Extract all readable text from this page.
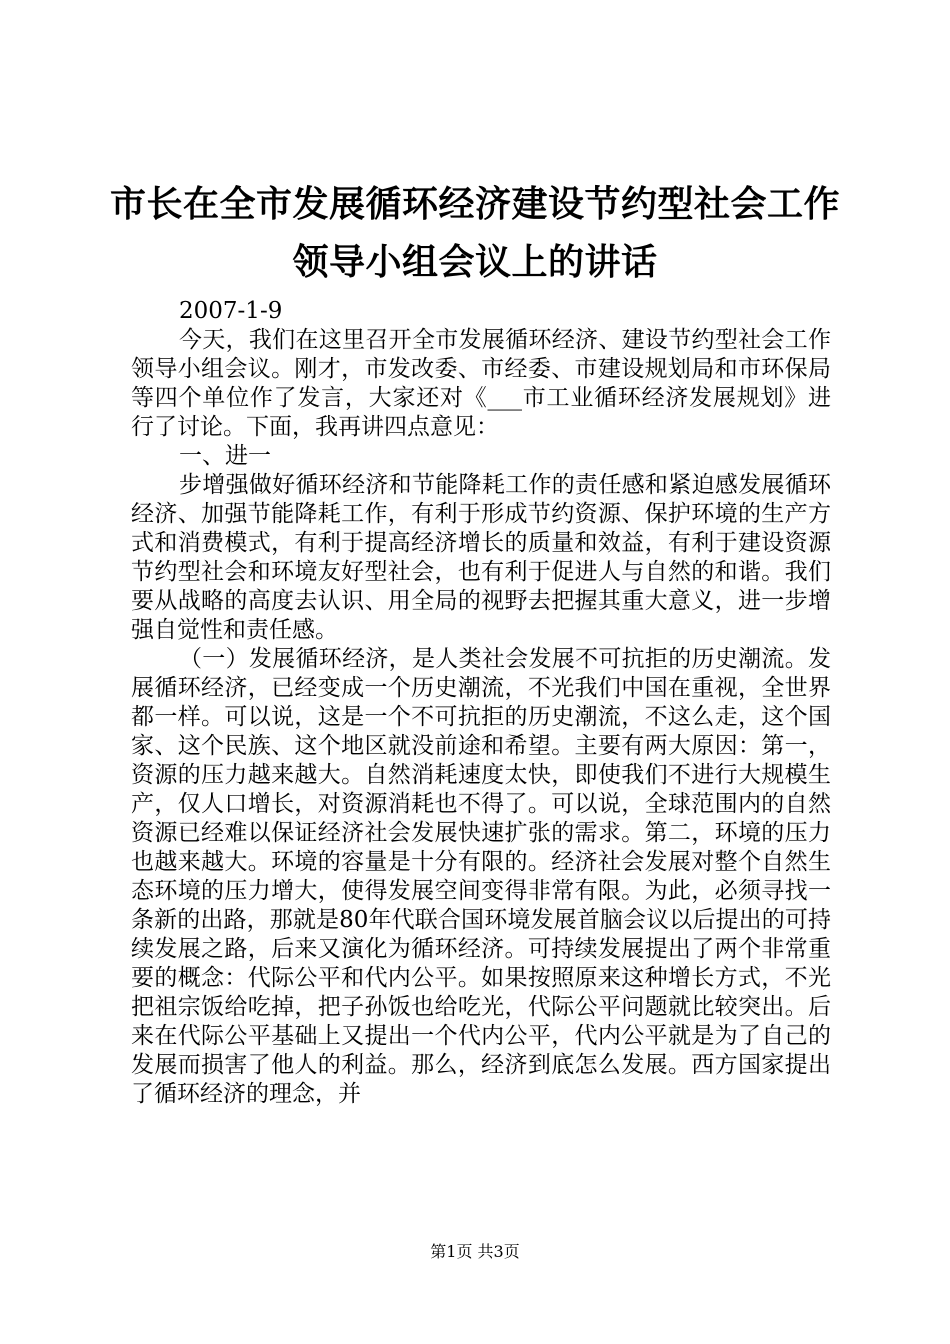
市长在全市发展循环经济建设节约型社会工作
领导小组会议上的讲话

2007-1-9

今天，我们在这里召开全市发展循环经济、建设节约型社会工作领导小组会议。刚才，市发改委、市经委、市建设规划局和市环保局等四个单位作了发言，大家还对《___市工业循环经济发展规划》进行了讨论。下面，我再讲四点意见：

一、进一

步增强做好循环经济和节能降耗工作的责任感和紧迫感发展循环经济、加强节能降耗工作，有利于形成节约资源、保护环境的生产方式和消费模式，有利于提高经济增长的质量和效益，有利于建设资源节约型社会和环境友好型社会，也有利于促进人与自然的和谐。我们要从战略的高度去认识、用全局的视野去把握其重大意义，进一步增强自觉性和责任感。

（一）发展循环经济，是人类社会发展不可抗拒的历史潮流。发展循环经济，已经变成一个历史潮流，不光我们中国在重视，全世界都一样。可以说，这是一个不可抗拒的历史潮流，不这么走，这个国家、这个民族、这个地区就没前途和希望。主要有两大原因：第一，资源的压力越来越大。自然消耗速度太快，即使我们不进行大规模生产，仅人口增长，对资源消耗也不得了。可以说，全球范围内的自然资源已经难以保证经济社会发展快速扩张的需求。第二，环境的压力也越来越大。环境的容量是十分有限的。经济社会发展对整个自然生态环境的压力增大，使得发展空间变得非常有限。为此，必须寻找一条新的出路，那就是80年代联合国环境发展首脑会议以后提出的可持续发展之路，后来又演化为循环经济。可持续发展提出了两个非常重要的概念：代际公平和代内公平。如果按照原来这种增长方式，不光把祖宗饭给吃掉，把子孙饭也给吃光，代际公平问题就比较突出。后来在代际公平基础上又提出一个代内公平，代内公平就是为了自己的发展而损害了他人的利益。那么，经济到底怎么发展。西方国家提出了循环经济的理念，并

第1页 共3页
